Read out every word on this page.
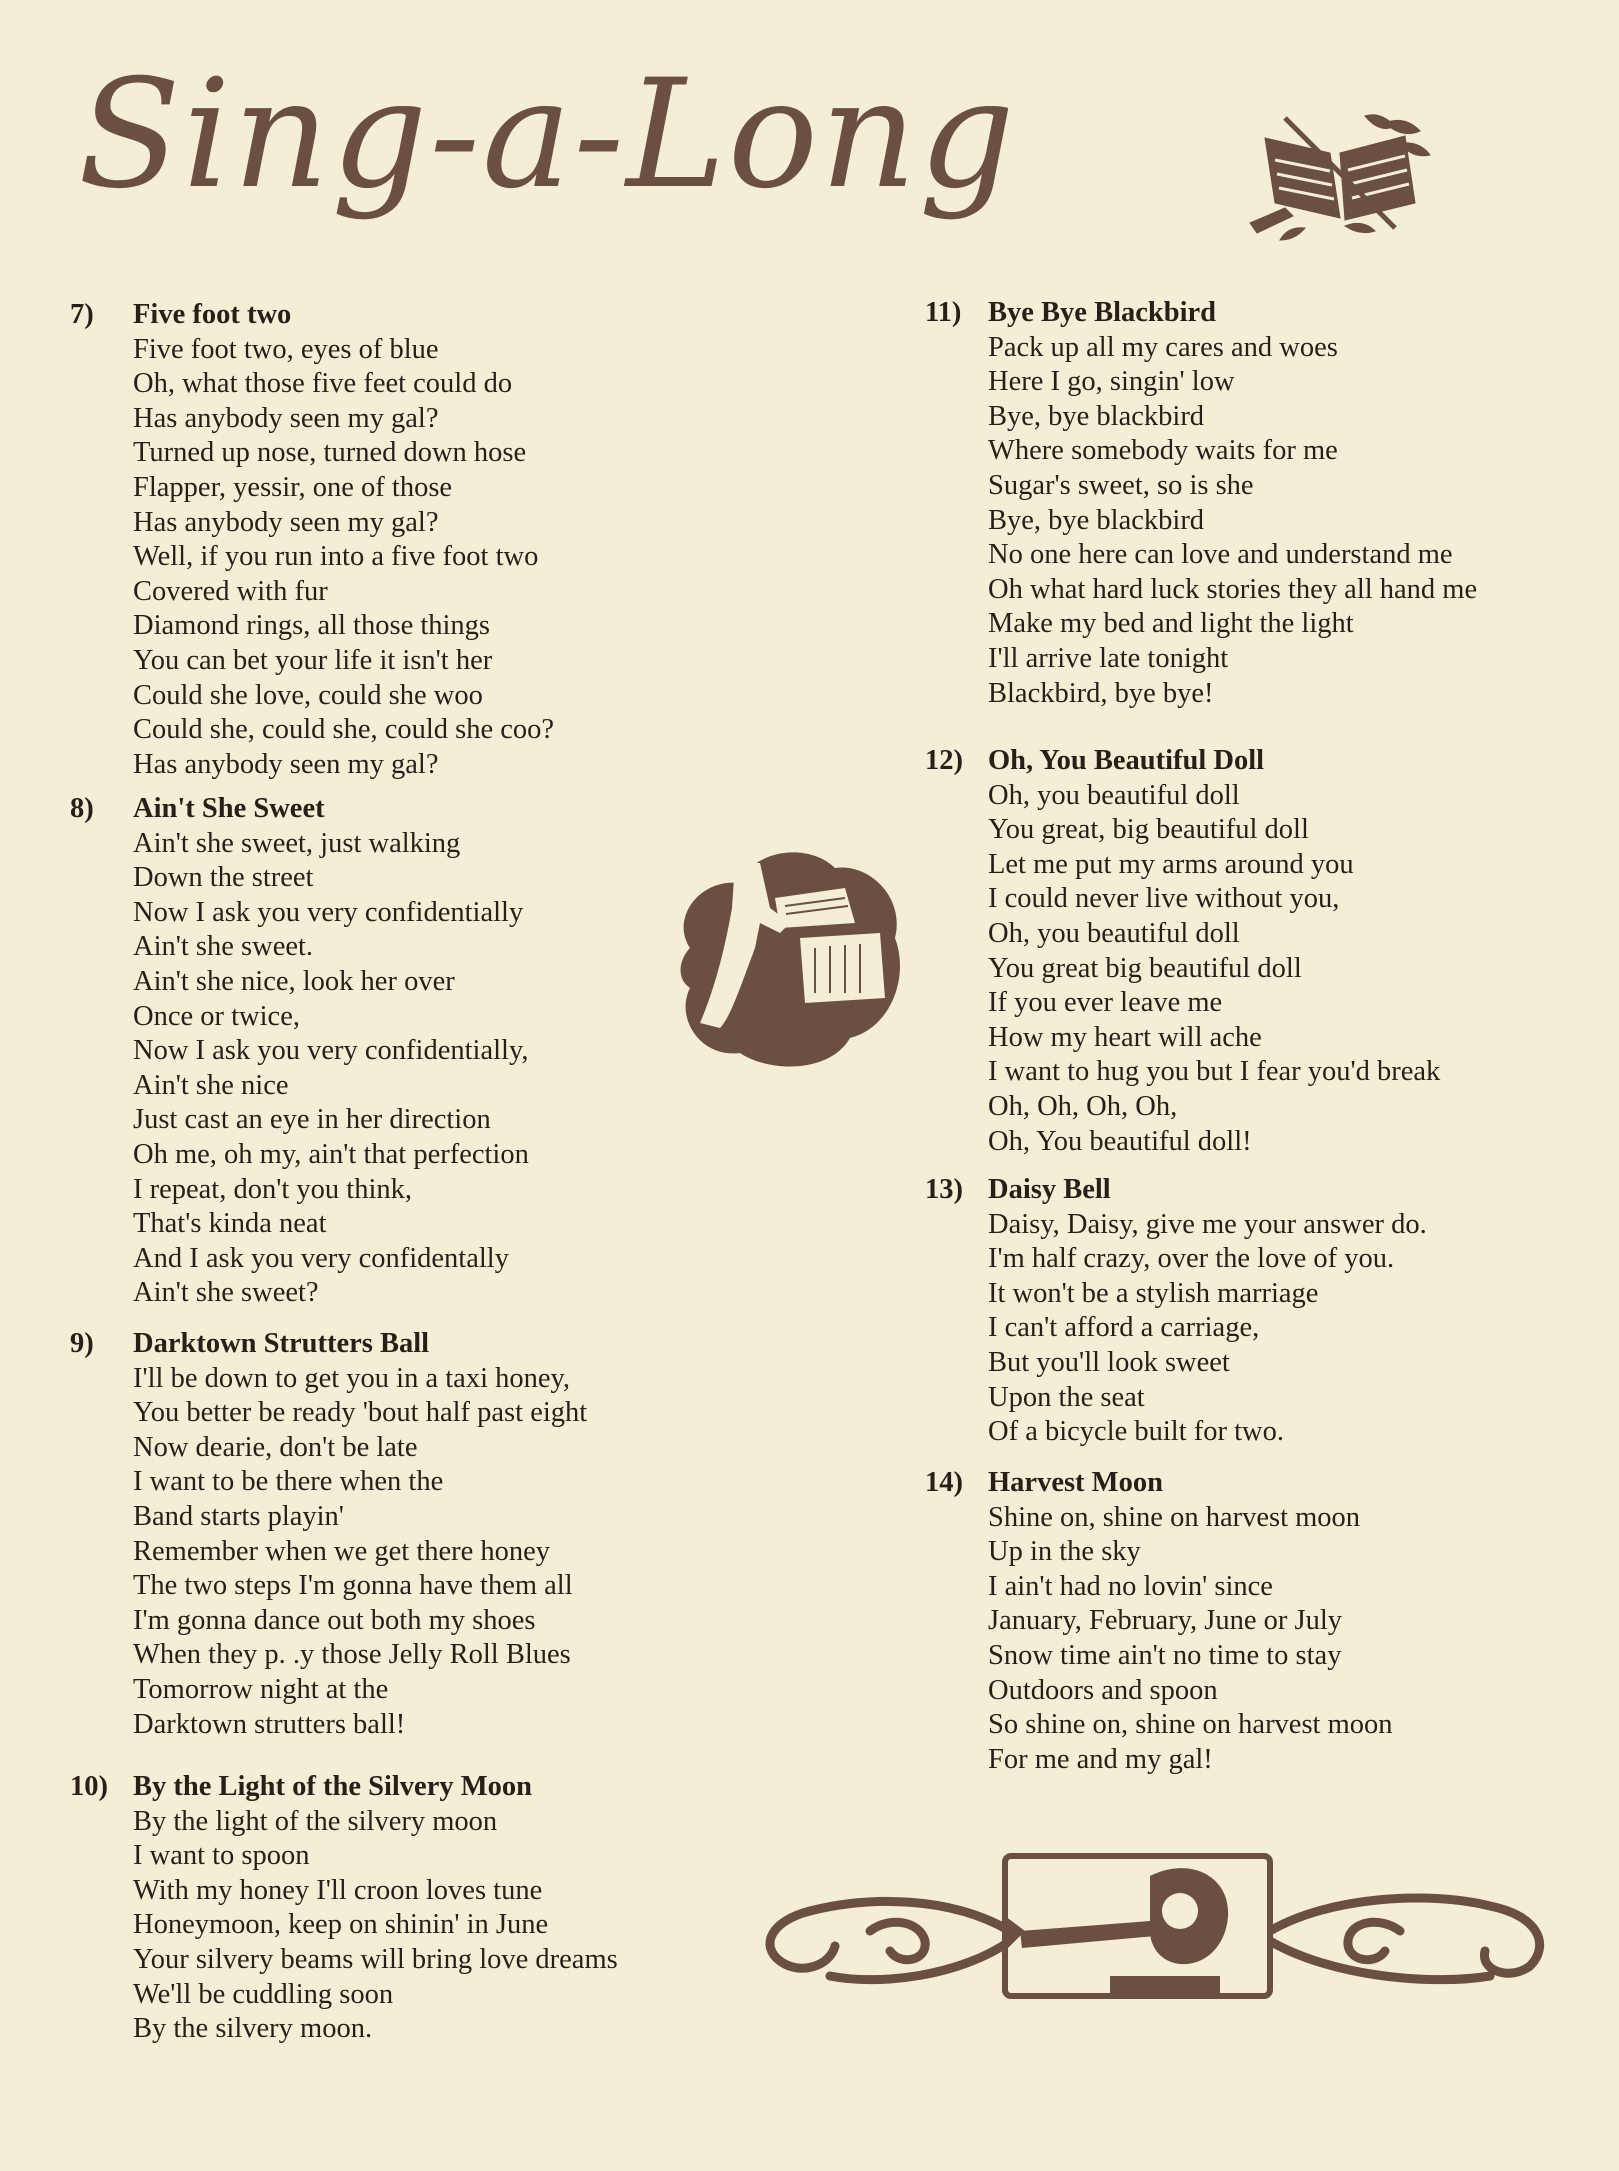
Sing-a-Long
7)	Five foot two
Five foot two, eyes of blue
Oh, what those five feet could do
Has anybody seen my gal?
Turned up nose, turned down hose
Flapper, yessir, one of those
Has anybody seen my gal?
Well, if you run into a five foot two
Covered with fur
Diamond rings, all those things
You can bet your life it isn't her
Could she love, could she woo
Could she, could she, could she coo?
Has anybody seen my gal?
8)	Ain't She Sweet
Ain't she sweet, just walking
Down the street
Now I ask you very confidentially
Ain't she sweet.
Ain't she nice, look her over
Once or twice,
Now I ask you very confidentially,
Ain't she nice
Just cast an eye in her direction
Oh me, oh my, ain't that perfection
I repeat, don't you think,
That's kinda neat
And I ask you very confidentally
Ain't she sweet?
9)	Darktown Strutters Ball
I'll be down to get you in a taxi honey,
You better be ready 'bout half past eight
Now dearie, don't be late
I want to be there when the
Band starts playin'
Remember when we get there honey
The two steps I'm gonna have them all
I'm gonna dance out both my shoes
When they p. .y those Jelly Roll Blues
Tomorrow night at the
Darktown strutters ball!
10) By the Light of the Silvery Moon
By the light of the silvery moon
I want to spoon
With my honey I'll croon loves tune
Honeymoon, keep on shinin' in June
Your silvery beams will bring love dreams
We'll be cuddling soon
By the silvery moon.
11) Bye Bye Blackbird
Pack up all my cares and woes
Here I go, singin' low
Bye, bye blackbird
Where somebody waits for me
Sugar's sweet, so is she
Bye, bye blackbird
No one here can love and understand me
Oh what hard luck stories they all hand me
Make my bed and light the light
I'll arrive late tonight
Blackbird, bye bye!
12) Oh, You Beautiful Doll
Oh, you beautiful doll
You great, big beautiful doll
Let me put my arms around you
I could never live without you,
Oh, you beautiful doll
You great big beautiful doll
If you ever leave me
How my heart will ache
I want to hug you but I fear you'd break
Oh, Oh, Oh, Oh,
Oh, You beautiful doll!
13) Daisy Bell
Daisy, Daisy, give me your answer do.
I'm half crazy, over the love of you.
It won't be a stylish marriage
I can't afford a carriage,
But you'll look sweet
Upon the seat
Of a bicycle built for two.
14) Harvest Moon
Shine on, shine on harvest moon
Up in the sky
I ain't had no lovin' since
January, February, June or July
Snow time ain't no time to stay
Outdoors and spoon
So shine on, shine on harvest moon
For me and my gal!
